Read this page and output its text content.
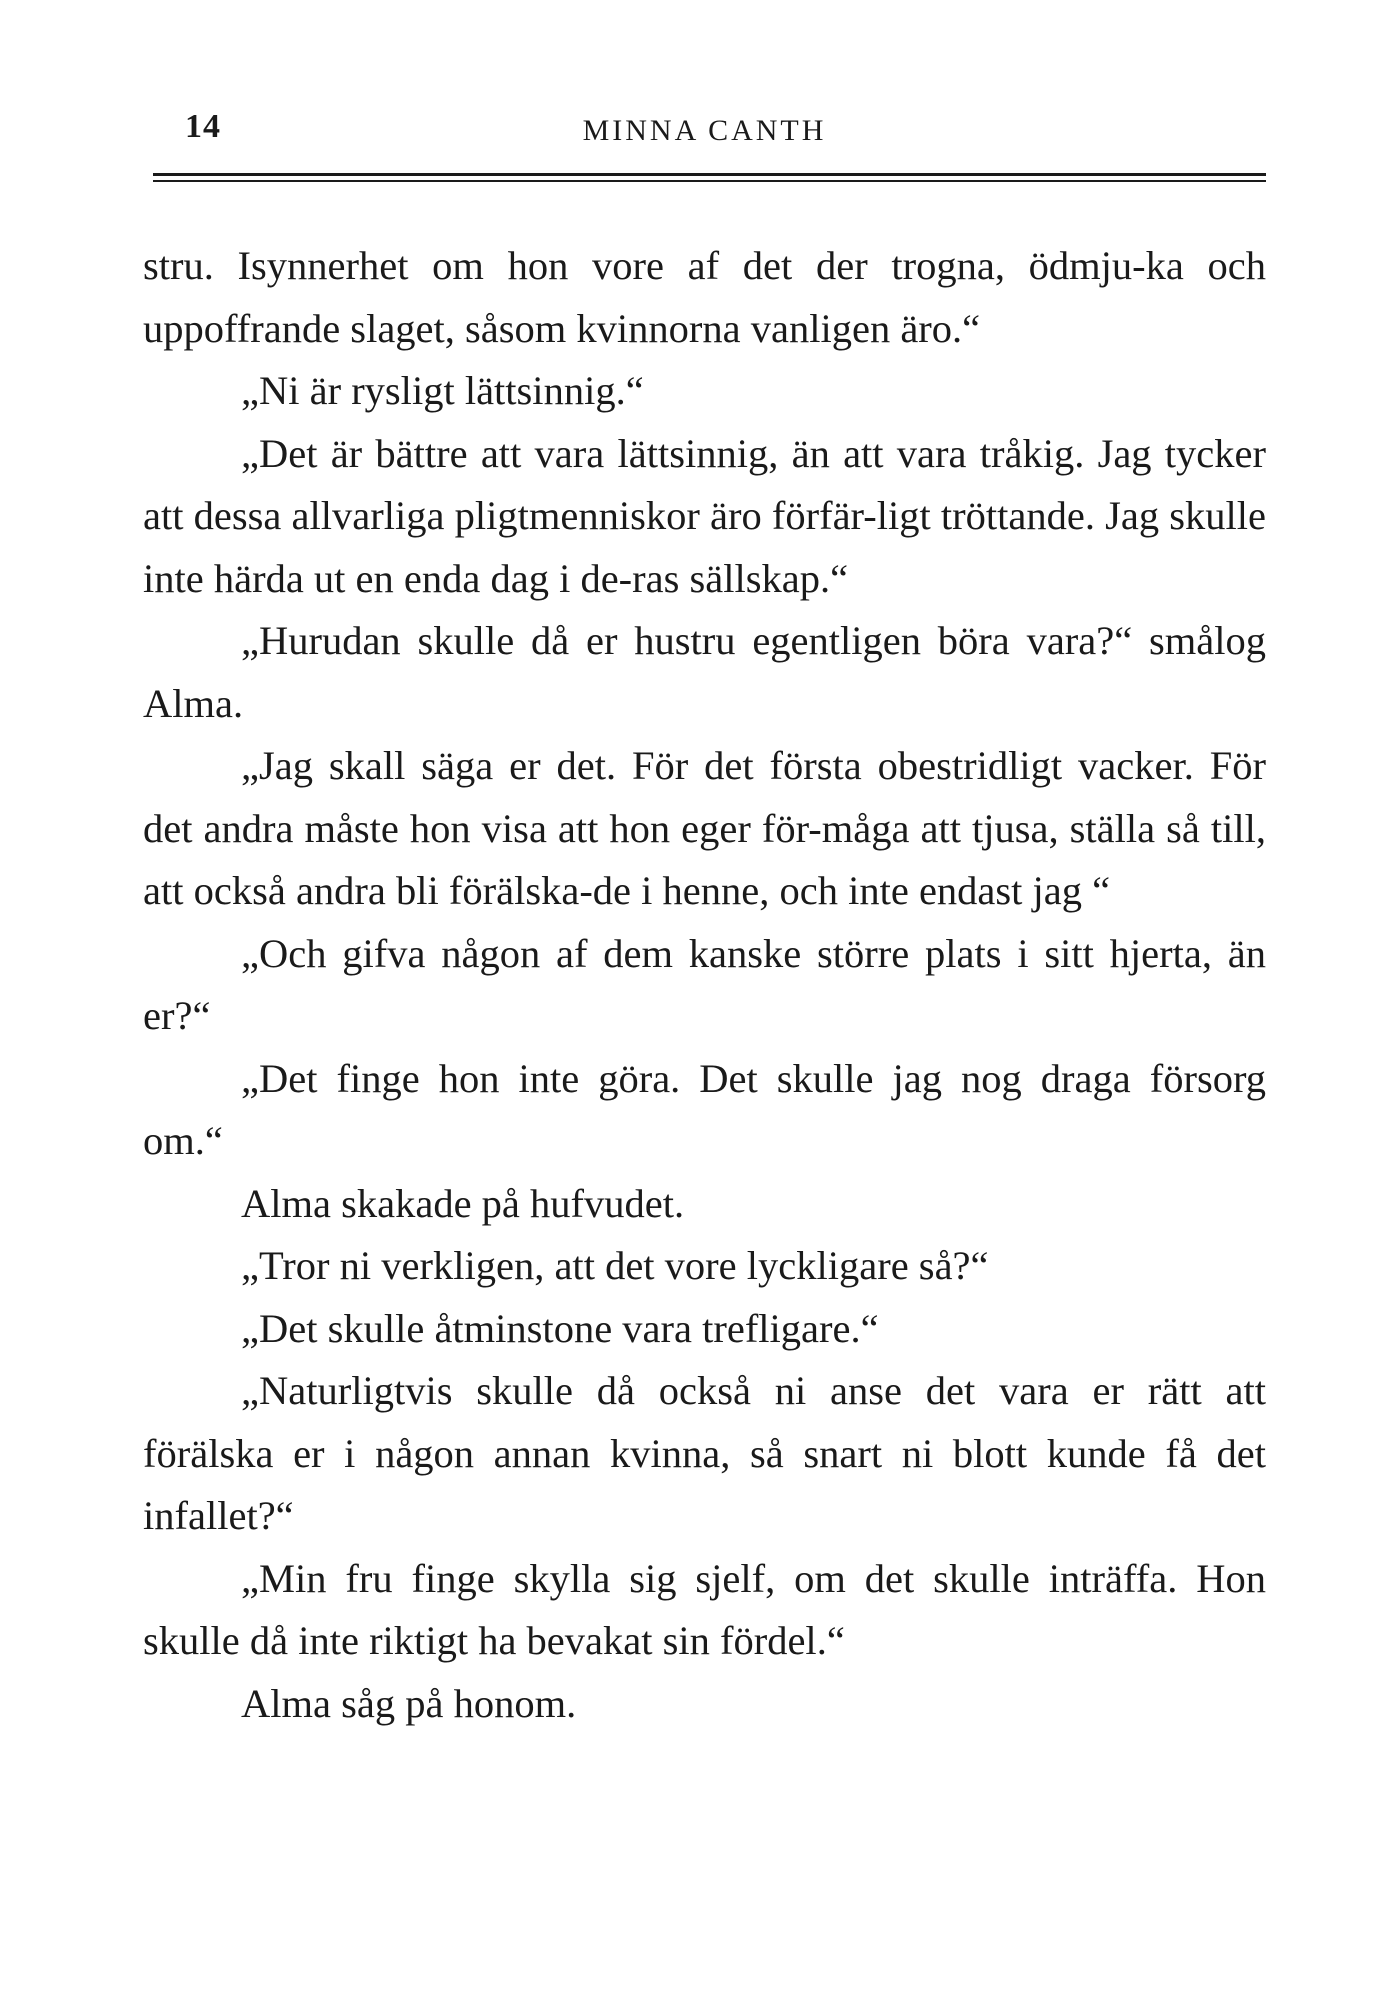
14	MINNA CANTH

stru. Isynnerhet om hon vore af det der trogna, ödmju-ka och uppoffrande slaget, såsom kvinnorna vanligen äro.“

„Ni är rysligt lättsinnig.“

„Det är bättre att vara lättsinnig, än att vara tråkig. Jag tycker att dessa allvarliga pligtmenniskor äro förfär-ligt tröttande. Jag skulle inte härda ut en enda dag i de-ras sällskap.“

„Hurudan skulle då er hustru egentligen böra vara?“ smålog Alma.

„Jag skall säga er det. För det första obestridligt vacker. För det andra måste hon visa att hon eger för-måga att tjusa, ställa så till, att också andra bli förälska-de i henne, och inte endast jag “

„Och gifva någon af dem kanske större plats i sitt hjerta, än er?“

„Det finge hon inte göra. Det skulle jag nog draga försorg om.“

Alma skakade på hufvudet.

„Tror ni verkligen, att det vore lyckligare så?“

„Det skulle åtminstone vara trefligare.“

„Naturligtvis skulle då också ni anse det vara er rätt att förälska er i någon annan kvinna, så snart ni blott kunde få det infallet?“

„Min fru finge skylla sig sjelf, om det skulle inträffa. Hon skulle då inte riktigt ha bevakat sin fördel.“

Alma såg på honom.
